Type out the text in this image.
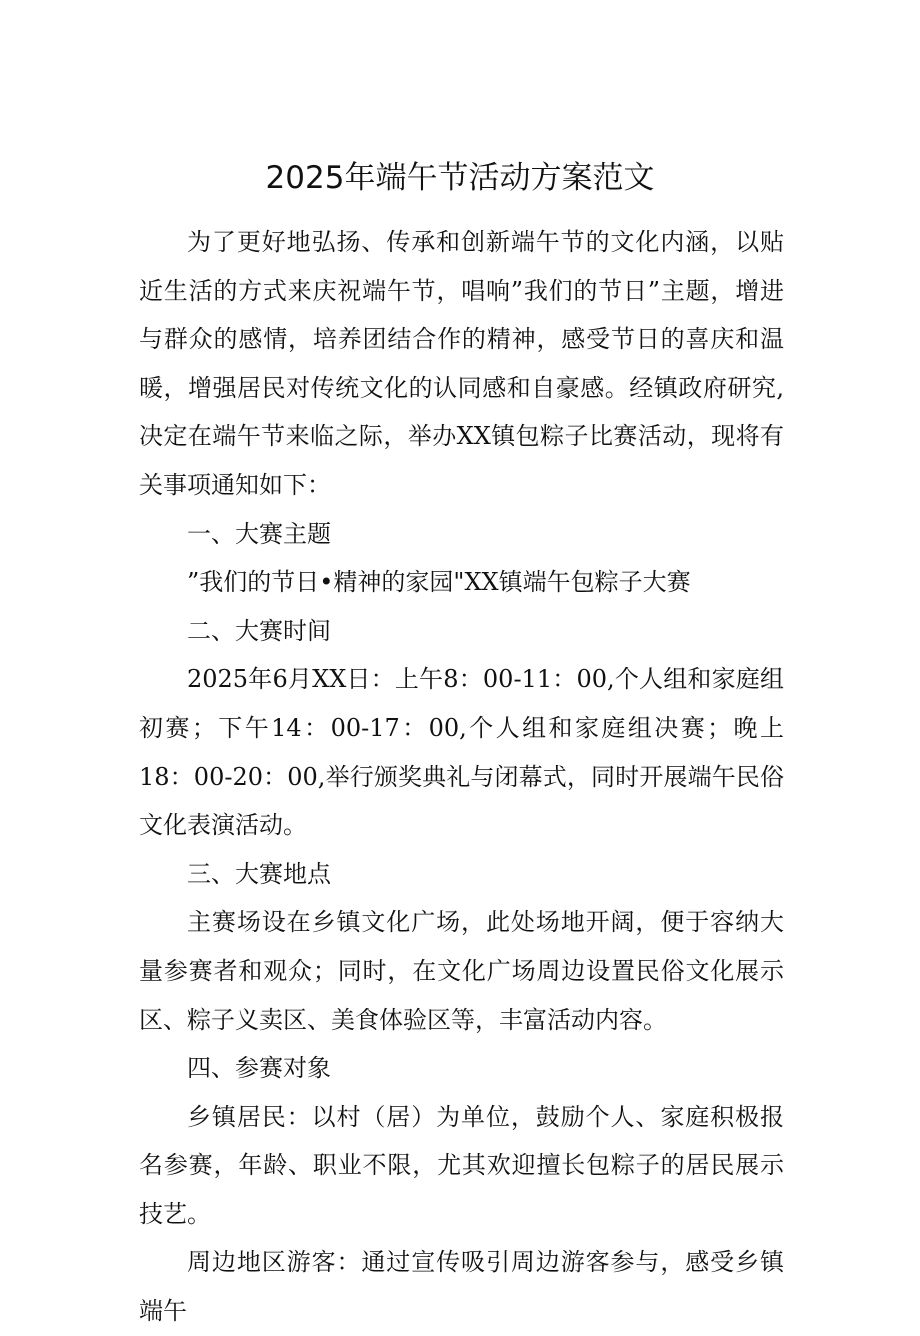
2025年端午节活动方案范文

为了更好地弘扬、传承和创新端午节的文化内涵，以贴近生活的方式来庆祝端午节，唱响”我们的节日”主题，增进与群众的感情，培养团结合作的精神，感受节日的喜庆和温暖，增强居民对传统文化的认同感和自豪感。经镇政府研究,决定在端午节来临之际，举办XX镇包粽子比赛活动，现将有关事项通知如下：

一、大赛主题

”我们的节日•精神的家园"XX镇端午包粽子大赛

二、大赛时间

2025年6月XX日：上午8：00-11：00,个人组和家庭组初赛；下午14：00-17：00,个人组和家庭组决赛；晚上18：00-20：00,举行颁奖典礼与闭幕式，同时开展端午民俗文化表演活动。

三、大赛地点

主赛场设在乡镇文化广场，此处场地开阔，便于容纳大量参赛者和观众；同时，在文化广场周边设置民俗文化展示区、粽子义卖区、美食体验区等，丰富活动内容。

四、参赛对象

乡镇居民：以村（居）为单位，鼓励个人、家庭积极报名参赛，年龄、职业不限，尤其欢迎擅长包粽子的居民展示技艺。

周边地区游客：通过宣传吸引周边游客参与，感受乡镇端午
